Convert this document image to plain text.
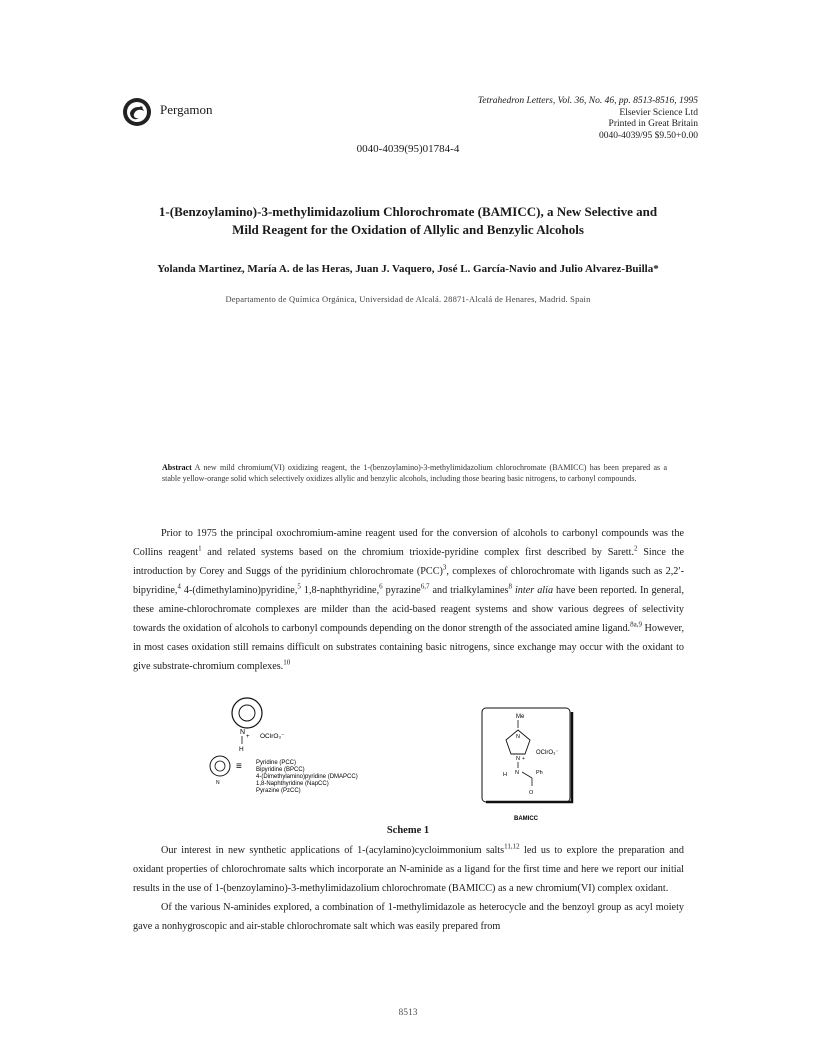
Pergamon
Tetrahedron Letters, Vol. 36, No. 46, pp. 8513-8516, 1995
Elsevier Science Ltd
Printed in Great Britain
0040-4039/95 $9.50+0.00
0040-4039(95)01784-4
1-(Benzoylamino)-3-methylimidazolium Chlorochromate (BAMICC), a New Selective and
Mild Reagent for the Oxidation of Allylic and Benzylic Alcohols
Yolanda Martinez, María A. de las Heras, Juan J. Vaquero, José L. García-Navio and Julio Alvarez-Builla*
Departamento de Química Orgánica, Universidad de Alcalá. 28871-Alcalá de Henares, Madrid. Spain
Abstract A new mild chromium(VI) oxidizing reagent, the 1-(benzoylamino)-3-methylimidazolium chlorochromate (BAMICC) has been prepared as a stable yellow-orange solid which selectively oxidizes allylic and benzylic alcohols, including those bearing basic nitrogens, to carbonyl compounds.
Prior to 1975 the principal oxochromium-amine reagent used for the conversion of alcohols to carbonyl compounds was the Collins reagent$^1$ and related systems based on the chromium trioxide-pyridine complex first described by Sarett.$^2$ Since the introduction by Corey and Suggs of the pyridinium chlorochromate (PCC)$^3$, complexes of chlorochromate with ligands such as 2,2′-bipyridine,$^4$ 4-(dimethylamino)pyridine,$^5$ 1,8-naphthyridine,$^6$ pyrazine$^{6,7}$ and trialkylamines$^8$ inter alia have been reported. In general, these amine-chlorochromate complexes are milder than the acid-based reagent systems and show various degrees of selectivity towards the oxidation of alcohols to carbonyl compounds depending on the donor strength of the associated amine ligand.$^{8a,9}$ However, in most cases oxidation still remains difficult on substrates containing basic nitrogens, since exchange may occur with the oxidant to give substrate-chromium complexes.$^{10}$
N
+
H
OClrO₃⁻
N
≡ Pyridine (PCC)
Bipyridine (BPCC)
4-(Dimethylamino)pyridine (DMAPCC)
1,8-Naphthyridine (NapCC)
Pyrazine (PzCC)
Me
N
N +
N
H	Ph
O
OClrO₃⁻
BAMICC
Scheme 1
Our interest in new synthetic applications of 1-(acylamino)cycloimmonium salts$^{11,12}$ led us to explore the preparation and oxidant properties of chlorochromate salts which incorporate an N-aminide as a ligand for the first time and here we report our initial results in the use of 1-(benzoylamino)-3-methylimidazolium chlorochromate (BAMICC) as a new chromium(VI) complex oxidant.
Of the various N-aminides explored, a combination of 1-methylimidazole as heterocycle and the benzoyl group as acyl moiety gave a nonhygroscopic and air-stable chlorochromate salt which was easily prepared from
8513
